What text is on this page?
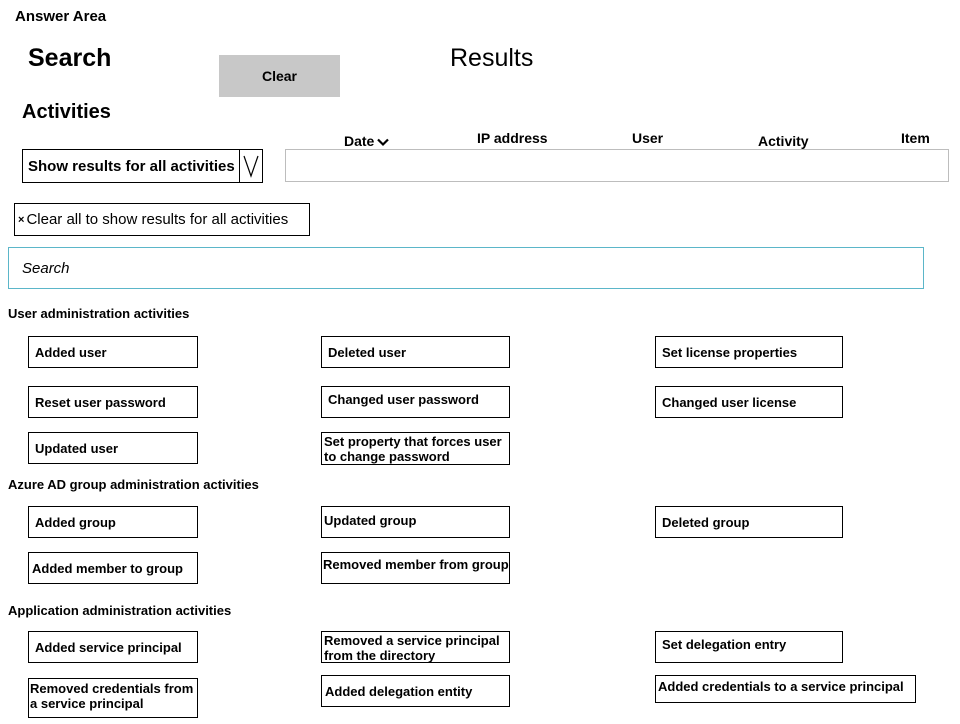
Answer Area
Search
Clear
Results
Activities
Date	IP address	User	Activity	Item
Show results for all activities
× Clear all to show results for all activities
Search
User administration activities
Added user	Deleted user	Set license properties
Reset user password	Changed user password	Changed user license
Updated user	Set property that forces user to change password
Azure AD group administration activities
Added group	Updated group	Deleted group
Added member to group	Removed member from group
Application administration activities
Added service principal	Removed a service principal from the directory
Set delegation entry
Removed credentials from a service principal
Added delegation entity	Added credentials to a service principal
